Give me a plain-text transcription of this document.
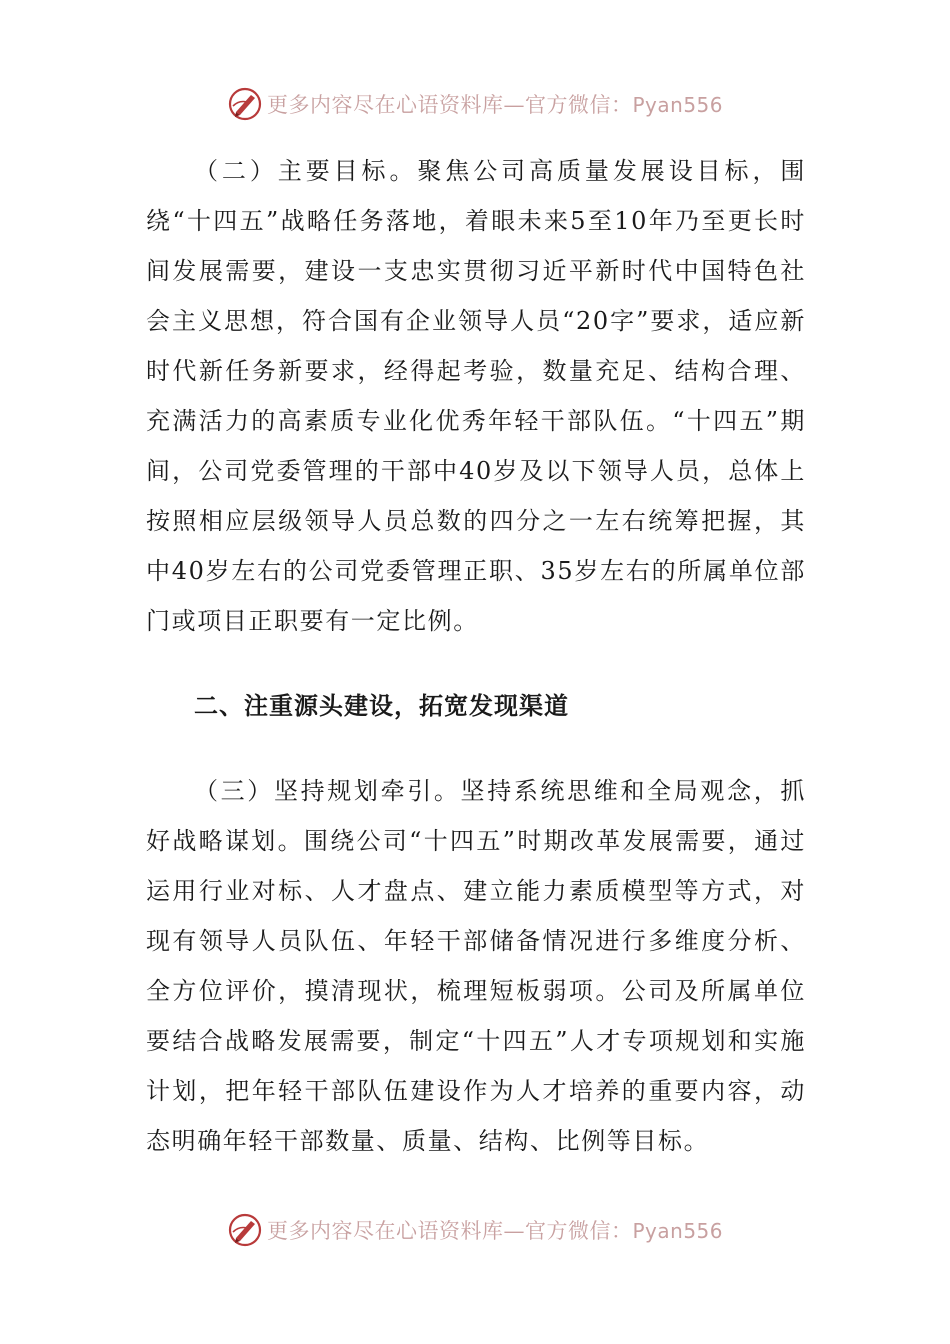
更多内容尽在心语资料库—官方微信：Pyan556

（二）主要目标。聚焦公司高质量发展设目标，围绕“十四五”战略任务落地，着眼未来5至10年乃至更长时间发展需要，建设一支忠实贯彻习近平新时代中国特色社会主义思想，符合国有企业领导人员“20字”要求，适应新时代新任务新要求，经得起考验，数量充足、结构合理、充满活力的高素质专业化优秀年轻干部队伍。“十四五”期间，公司党委管理的干部中40岁及以下领导人员，总体上按照相应层级领导人员总数的四分之一左右统筹把握，其中40岁左右的公司党委管理正职、35岁左右的所属单位部门或项目正职要有一定比例。

二、注重源头建设，拓宽发现渠道

（三）坚持规划牵引。坚持系统思维和全局观念，抓好战略谋划。围绕公司“十四五”时期改革发展需要，通过运用行业对标、人才盘点、建立能力素质模型等方式，对现有领导人员队伍、年轻干部储备情况进行多维度分析、全方位评价，摸清现状，梳理短板弱项。公司及所属单位要结合战略发展需要，制定“十四五”人才专项规划和实施计划，把年轻干部队伍建设作为人才培养的重要内容，动态明确年轻干部数量、质量、结构、比例等目标。

更多内容尽在心语资料库—官方微信：Pyan556
